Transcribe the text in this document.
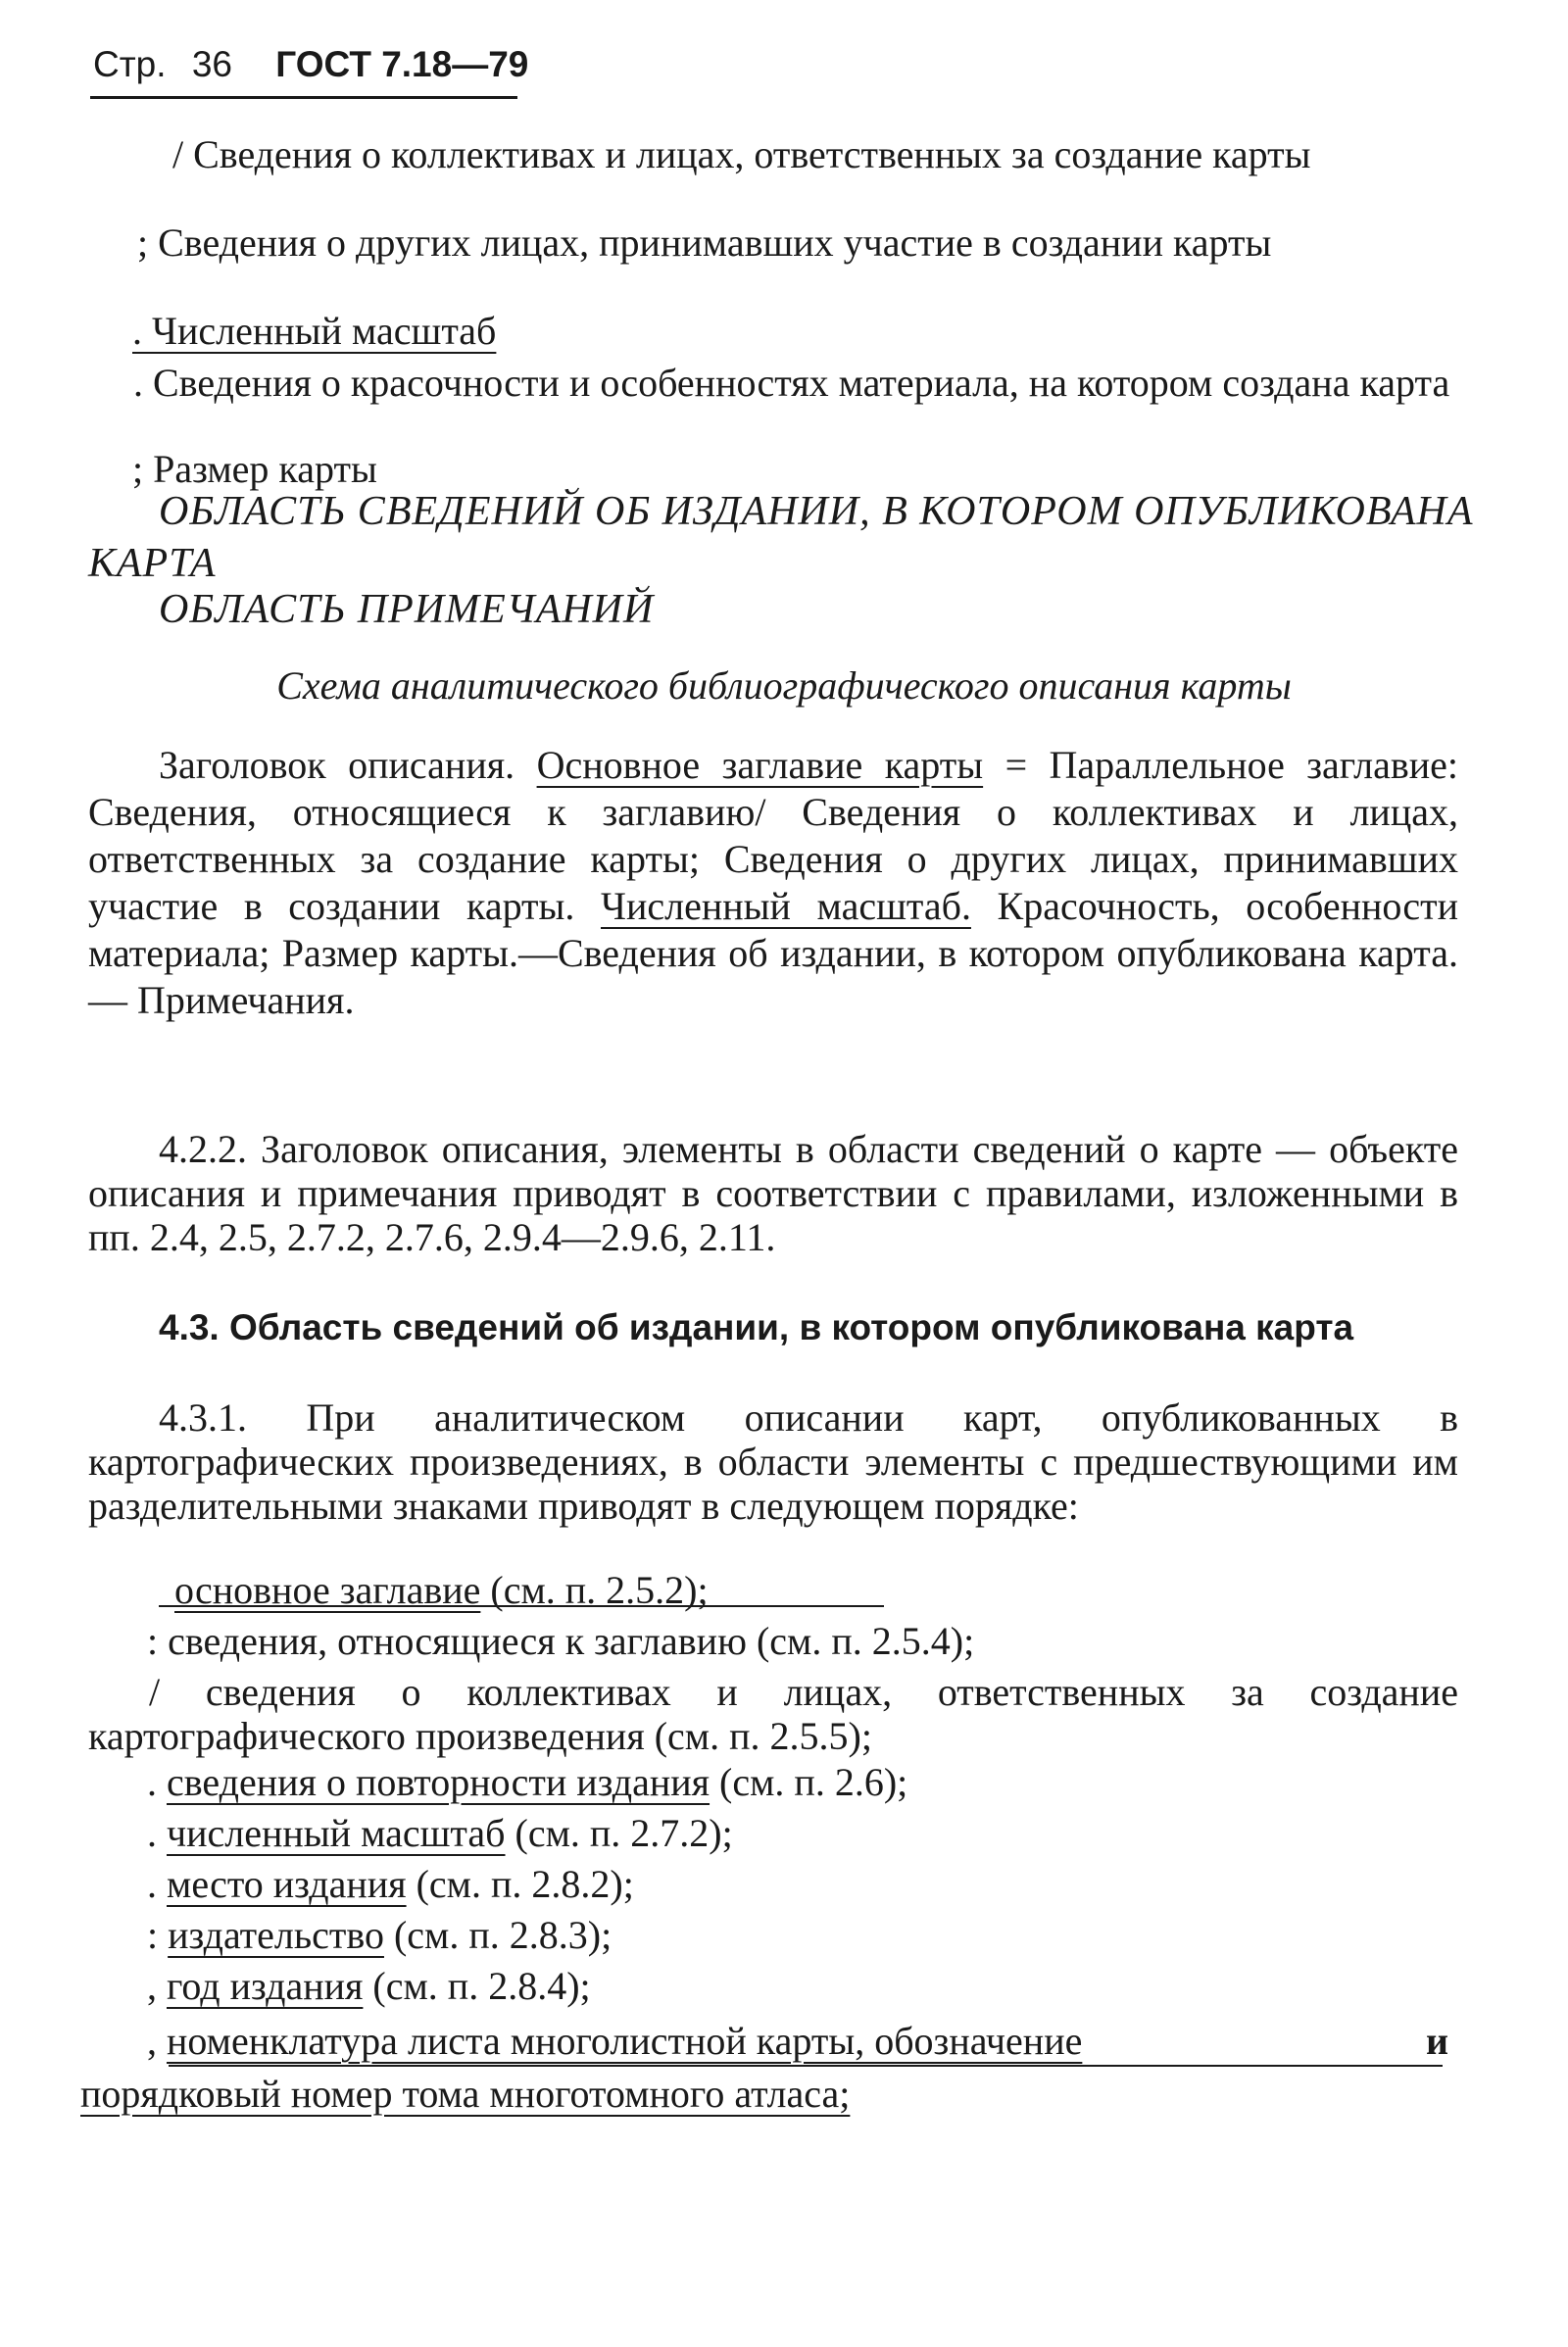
Стр. 36 ГОСТ 7.18—79

/ Сведения о коллективах и лицах, ответственных за создание карты

; Сведения о других лицах, принимавших участие в создании карты

. Численный масштаб

. Сведения о красочности и особенностях материала, на котором создана карта

; Размер карты

ОБЛАСТЬ СВЕДЕНИЙ ОБ ИЗДАНИИ, В КОТОРОМ ОПУБЛИКОВАНА КАРТА

ОБЛАСТЬ ПРИМЕЧАНИЙ

Схема аналитического библиографического описания карты

Заголовок описания. Основное заглавие карты = Параллельное заглавие: Сведения, относящиеся к заглавию/ Сведения о коллективах и лицах, ответственных за создание карты; Сведения о других лицах, принимавших участие в создании карты. Численный масштаб. Красочность, особенности материала; Размер карты.—Сведения об издании, в котором опубликована карта. — Примечания.

4.2.2. Заголовок описания, элементы в области сведений о карте — объекте описания и примечания приводят в соответствии с правилами, изложенными в пп. 2.4, 2.5, 2.7.2, 2.7.6, 2.9.4—2.9.6, 2.11.

4.3. Область сведений об издании, в котором опубликована карта

4.3.1. При аналитическом описании карт, опубликованных в картографических произведениях, в области элементы с предшествующими им разделительными знаками приводят в следующем порядке:

основное заглавие (см. п. 2.5.2);
: сведения, относящиеся к заглавию (см. п. 2.5.4);

/ сведения о коллективах и лицах, ответственных за создание картографического произведения (см. п. 2.5.5);

. сведения о повторности издания (см. п. 2.6);
. численный масштаб (см. п. 2.7.2);
. место издания (см. п. 2.8.2);
: издательство (см. п. 2.8.3);
, год издания (см. п. 2.8.4);
, номенклатура листа многолистной карты, обозначение	и
порядковый номер тома многотомного атласа;
